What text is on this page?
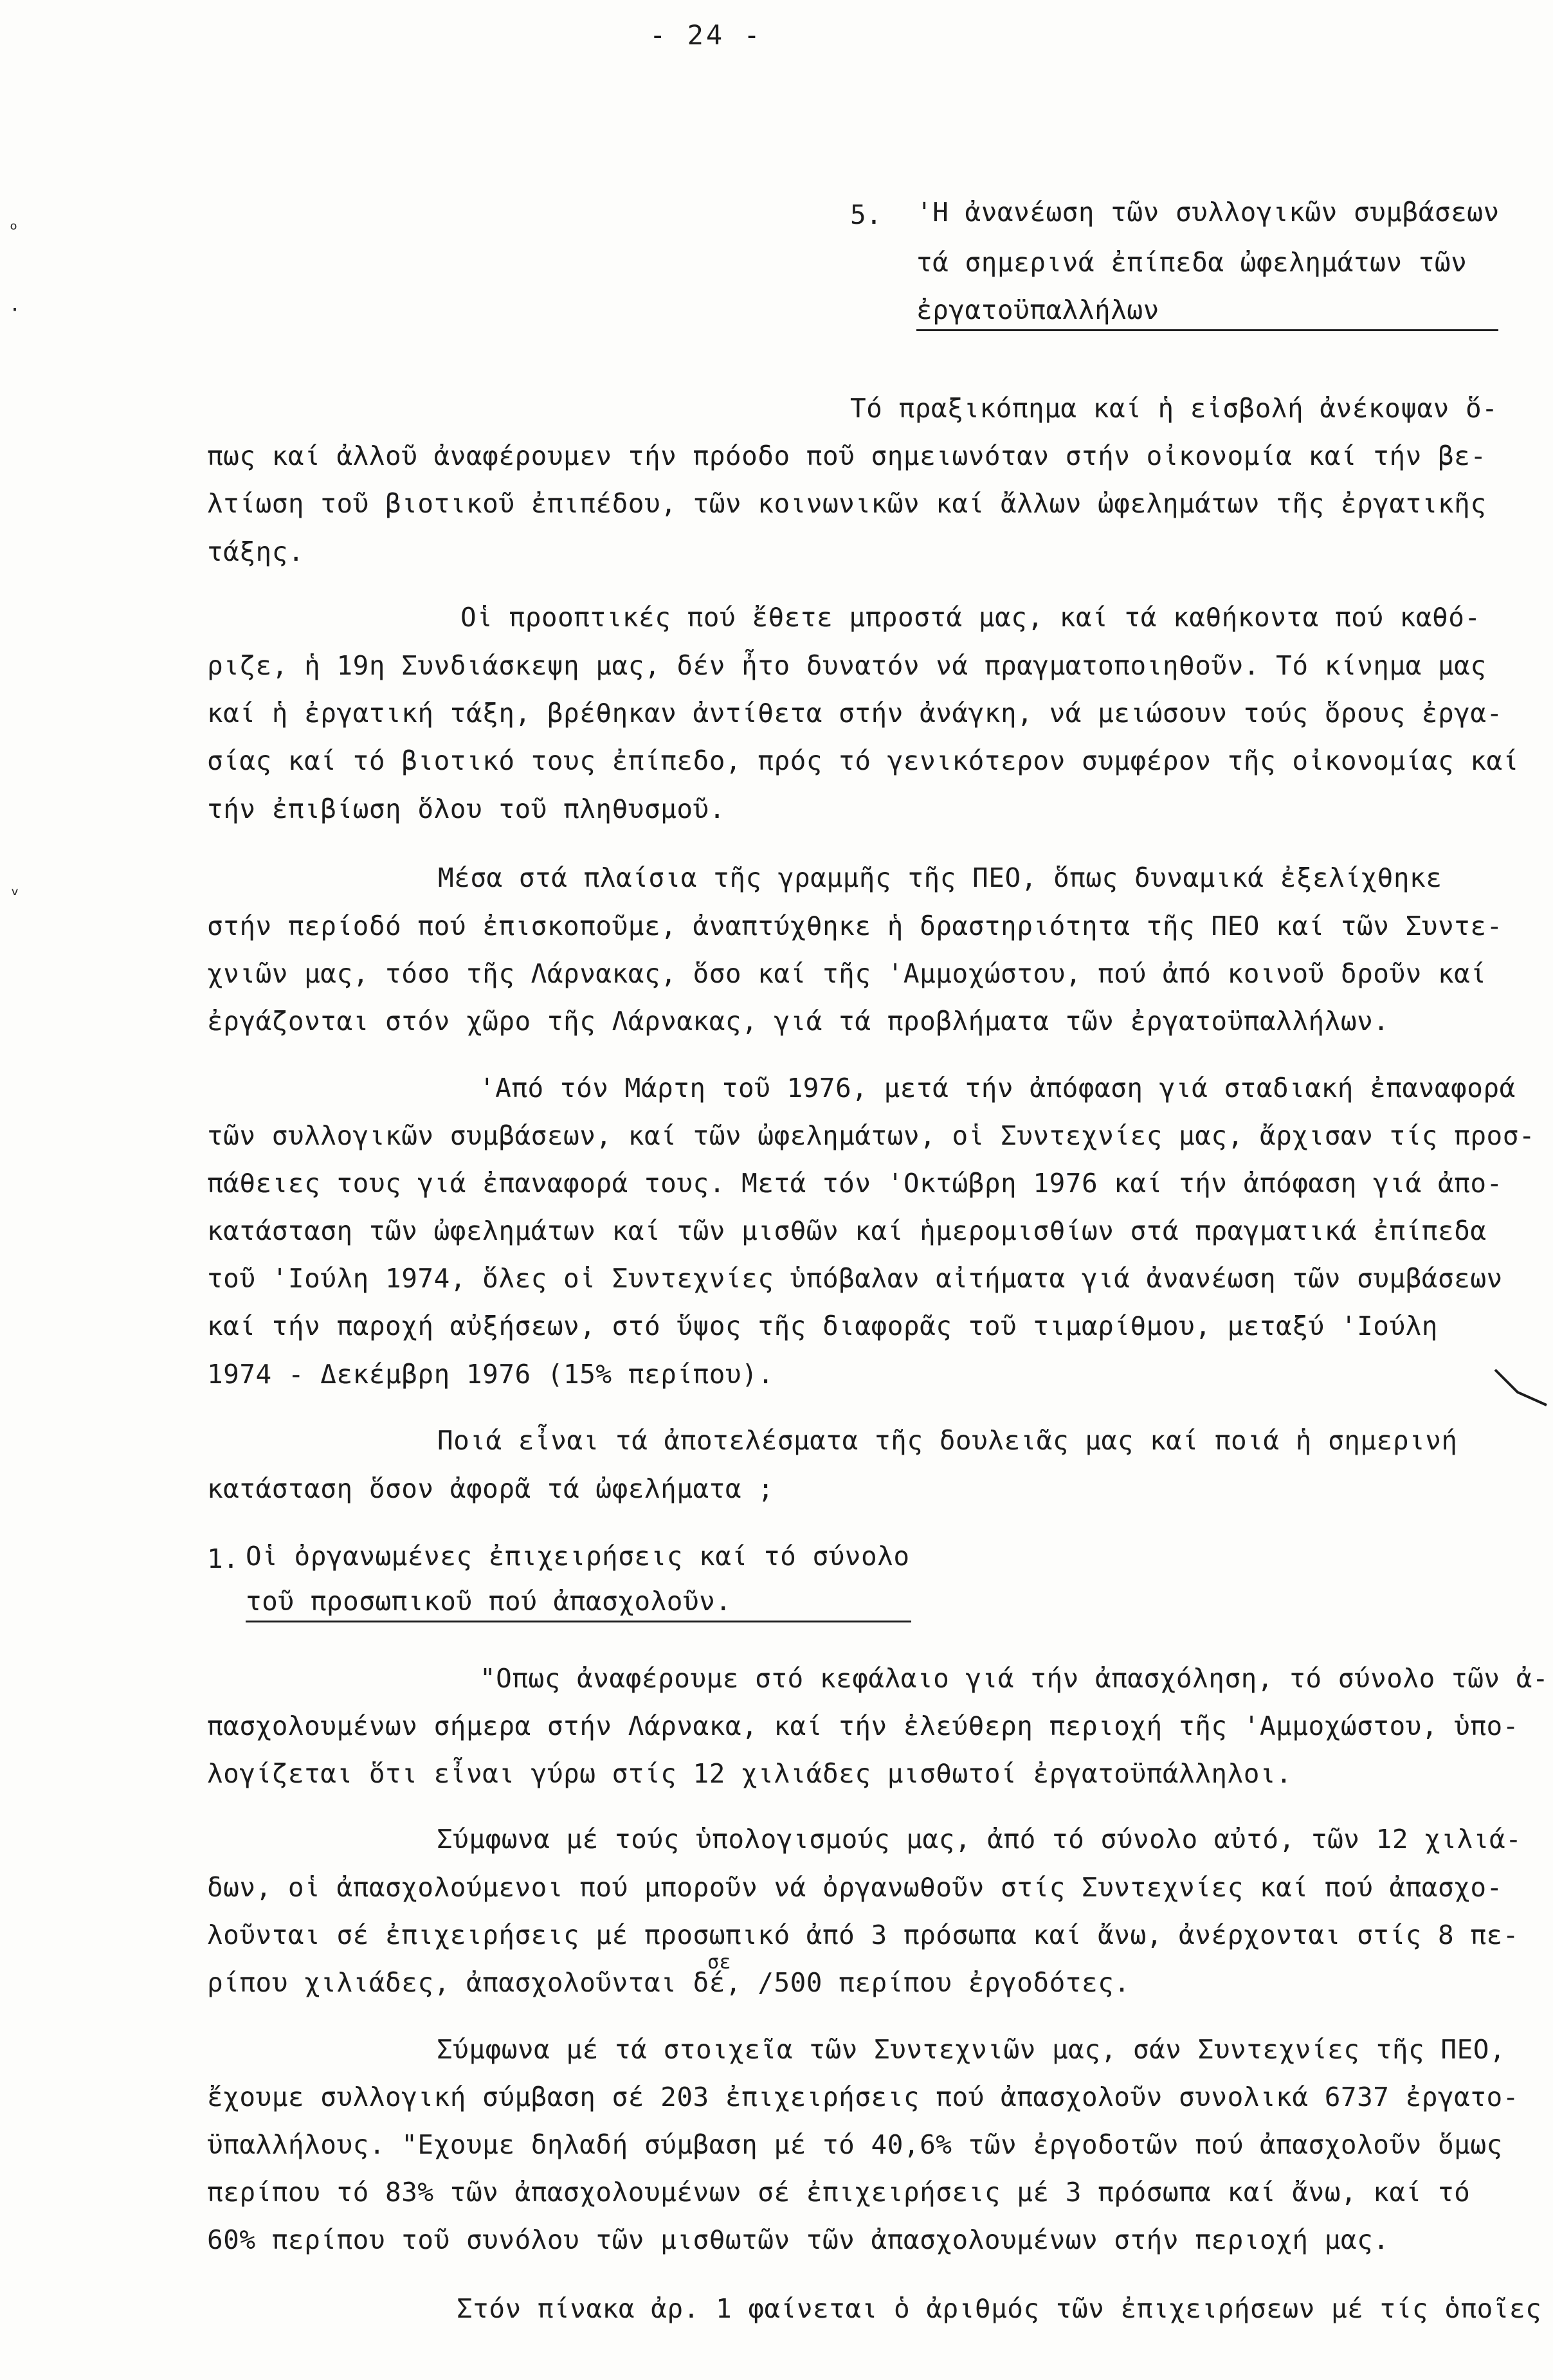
- 24 -
ₒ
·
ᵥ
5. 'Η ἀνανέωση τῶν συλλογικῶν συμβάσεων
τά σημερινά ἐπίπεδα ὠφελημάτων τῶν
ἐργατοϋπαλλήλων
Τό πραξικόπημα καί ἡ εἰσβολή ἀνέκοψαν ὅ-
πως καί ἀλλοῦ ἀναφέρουμεν τήν πρόοδο ποῦ σημειωνόταν στήν οἰκονομία καί τήν βε-
λτίωση τοῦ βιοτικοῦ ἐπιπέδου, τῶν κοινωνικῶν καί ἄλλων ὠφελημάτων τῆς ἐργατικῆς
τάξης.
Οἱ προοπτικές πού ἔθετε μπροστά μας, καί τά καθήκοντα πού καθό-
ριζε, ἡ 19η Συνδιάσκεψη μας, δέν ἦτο δυνατόν νά πραγματοποιηθοῦν. Τό κίνημα μας
καί ἡ ἐργατική τάξη, βρέθηκαν ἀντίθετα στήν ἀνάγκη, νά μειώσουν τούς ὅρους ἐργα-
σίας καί τό βιοτικό τους ἐπίπεδο, πρός τό γενικότερον συμφέρον τῆς οἰκονομίας καί
τήν ἐπιβίωση ὅλου τοῦ πληθυσμοῦ.
Μέσα στά πλαίσια τῆς γραμμῆς τῆς ΠΕΟ, ὅπως δυναμικά ἐξελίχθηκε
στήν περίοδό πού ἐπισκοποῦμε, ἀναπτύχθηκε ἡ δραστηριότητα τῆς ΠΕΟ καί τῶν Συντε-
χνιῶν μας, τόσο τῆς Λάρνακας, ὅσο καί τῆς 'Αμμοχώστου, πού ἀπό κοινοῦ δροῦν καί
ἐργάζονται στόν χῶρο τῆς Λάρνακας, γιά τά προβλήματα τῶν ἐργατοϋπαλλήλων.
'Από τόν Μάρτη τοῦ 1976, μετά τήν ἀπόφαση γιά σταδιακή ἐπαναφορά
τῶν συλλογικῶν συμβάσεων, καί τῶν ὠφελημάτων, οἱ Συντεχνίες μας, ἄρχισαν τίς προσ-
πάθειες τους γιά ἐπαναφορά τους. Μετά τόν 'Οκτώβρη 1976 καί τήν ἀπόφαση γιά ἀπο-
κατάσταση τῶν ὠφελημάτων καί τῶν μισθῶν καί ἡμερομισθίων στά πραγματικά ἐπίπεδα
τοῦ 'Ιούλη 1974, ὅλες οἱ Συντεχνίες ὑπόβαλαν αἰτήματα γιά ἀνανέωση τῶν συμβάσεων
καί τήν παροχή αὐξήσεων, στό ὕψος τῆς διαφορᾶς τοῦ τιμαρίθμου, μεταξύ 'Ιούλη
1974 - Δεκέμβρη 1976 (15% περίπου).
Ποιά εἶναι τά ἀποτελέσματα τῆς δουλειᾶς μας καί ποιά ἡ σημερινή
κατάσταση ὅσον ἀφορᾶ τά ὠφελήματα ;
1. Οἱ ὀργανωμένες ἐπιχειρήσεις καί τό σύνολο
τοῦ προσωπικοῦ πού ἀπασχολοῦν.
"Οπως ἀναφέρουμε στό κεφάλαιο γιά τήν ἀπασχόληση, τό σύνολο τῶν ἀ-
πασχολουμένων σήμερα στήν Λάρνακα, καί τήν ἐλεύθερη περιοχή τῆς 'Αμμοχώστου, ὑπο-
λογίζεται ὅτι εἶναι γύρω στίς 12 χιλιάδες μισθωτοί ἐργατοϋπάλληλοι.
Σύμφωνα μέ τούς ὑπολογισμούς μας, ἀπό τό σύνολο αὐτό, τῶν 12 χιλιά-
δων, οἱ ἀπασχολούμενοι πού μποροῦν νά ὀργανωθοῦν στίς Συντεχνίες καί πού ἀπασχο-
λοῦνται σέ ἐπιχειρήσεις μέ προσωπικό ἀπό 3 πρόσωπα καί ἄνω, ἀνέρχονται στίς 8 πε-
ρίπου χιλιάδες, ἀπασχολοῦνται δέ, /500 περίπου ἐργοδότες.
σε
Σύμφωνα μέ τά στοιχεῖα τῶν Συντεχνιῶν μας, σάν Συντεχνίες τῆς ΠΕΟ,
ἔχουμε συλλογική σύμβαση σέ 203 ἐπιχειρήσεις πού ἀπασχολοῦν συνολικά 6737 ἐργατο-
ϋπαλλήλους. "Εχουμε δηλαδή σύμβαση μέ τό 40,6% τῶν ἐργοδοτῶν πού ἀπασχολοῦν ὅμως
περίπου τό 83% τῶν ἀπασχολουμένων σέ ἐπιχειρήσεις μέ 3 πρόσωπα καί ἄνω, καί τό
60% περίπου τοῦ συνόλου τῶν μισθωτῶν τῶν ἀπασχολουμένων στήν περιοχή μας.
Στόν πίνακα ἀρ. 1 φαίνεται ὁ ἀριθμός τῶν ἐπιχειρήσεων μέ τίς ὁποῖες
